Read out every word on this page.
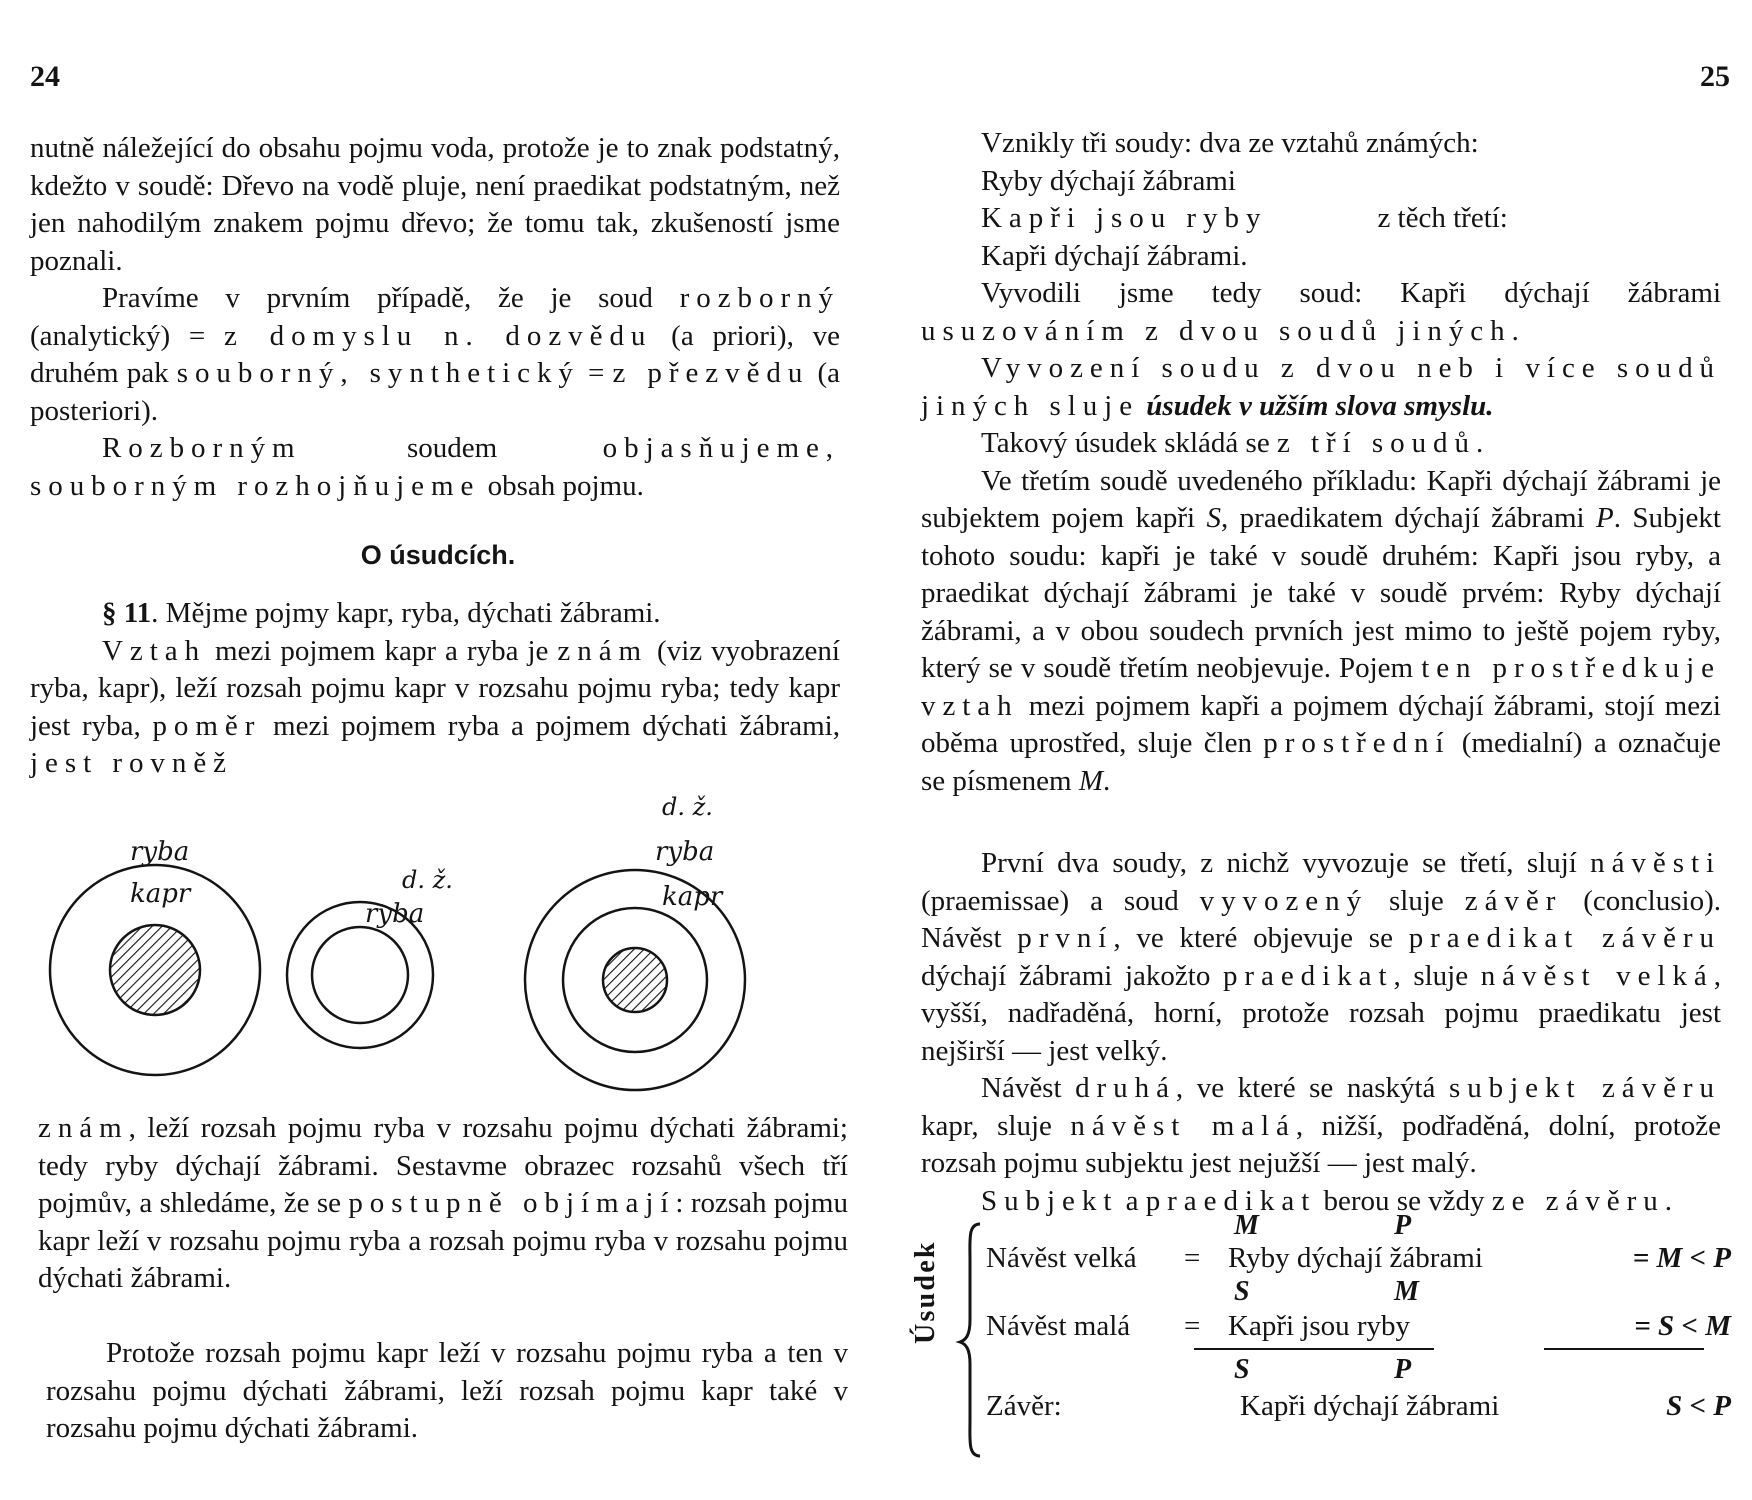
24

nutně náležející do obsahu pojmu voda, protože je to znak podstatný, kdežto v soudě: Dřevo na vodě pluje, není praedikat podstatným, než jen nahodilým znakem pojmu dřevo; že tomu tak, zkušeností jsme poznali.

Pravíme v prvním případě, že je soud rozborný (analytický) = z domyslu n. dozvědu (a priori), ve druhém pak souborný, synthetický = z přezvědu (a posteriori).

Rozborným soudem objasňujeme, souborným rozhojňujeme obsah pojmu.

O úsudcích.

§ 11. Mějme pojmy kapr, ryba, dýchati žábrami.

Vztah mezi pojmem kapr a ryba je znám (viz vyobrazení ryba, kapr), leží rozsah pojmu kapr v rozsahu pojmu ryba; tedy kapr jest ryba, poměr mezi pojmem ryba a pojmem dýchati žábrami, jest rovněž

ryba
kapr	d. ž.
ryba
d. ž.
ryba
kapr

znám, leží rozsah pojmu ryba v rozsahu pojmu dýchati žábrami; tedy ryby dýchají žábrami. Sestavme obrazec rozsahů všech tří pojmův, a shledáme, že se postupně objímají: rozsah pojmu kapr leží v rozsahu pojmu ryba a rozsah pojmu ryba v rozsahu pojmu dýchati žábrami.

Protože rozsah pojmu kapr leží v rozsahu pojmu ryba a ten v rozsahu pojmu dýchati žábrami, leží rozsah pojmu kapr také v rozsahu pojmu dýchati žábrami.

25

Vznikly tři soudy: dva ze vztahů známých:

Ryby dýchají žábrami

Kapři jsou ryby	z těch třetí:

Kapři dýchají žábrami.

Vyvodili jsme tedy soud: Kapři dýchají žábrami usuzováním z dvou soudů jiných.

Vyvození soudu z dvou neb i více soudů jiných sluje úsudek v užším slova smyslu.

Takový úsudek skládá se z tří soudů.

Ve třetím soudě uvedeného příkladu: Kapři dýchají žábrami je subjektem pojem kapři S, praedikatem dýchají žábrami P. Subjekt tohoto soudu: kapři je také v soudě druhém: Kapři jsou ryby, a praedikat dýchají žábrami je také v soudě prvém: Ryby dýchají žábrami, a v obou soudech prvních jest mimo to ještě pojem ryby, který se v soudě třetím neobjevuje. Pojem ten prostředkuje vztah mezi pojmem kapři a pojmem dýchají žábrami, stojí mezi oběma uprostřed, sluje člen prostřední (medialní) a označuje se písmenem M.

První dva soudy, z nichž vyvozuje se třetí, slují návěsti (praemissae) a soud vyvozený sluje závěr (conclusio). Návěst první, ve které objevuje se praedikat závěru dýchají žábrami jakožto praedikat, sluje návěst velká, vyšší, nadřaděná, horní, protože rozsah pojmu praedikatu jest nejširší — jest velký.

Návěst druhá, ve které se naskýtá subjekt závěru kapr, sluje návěst malá, nižší, podřaděná, dolní, protože rozsah pojmu subjektu jest nejužší — jest malý.

Subjekt a praedikat berou se vždy ze závěru.

Úsudek
M	P
Návěst velká = Ryby dýchají žábrami	= M < P
S	M
Návěst malá = Kapři jsou ryby	= S < M
S	P
Závěr:	Kapři dýchají žábrami	S < P
